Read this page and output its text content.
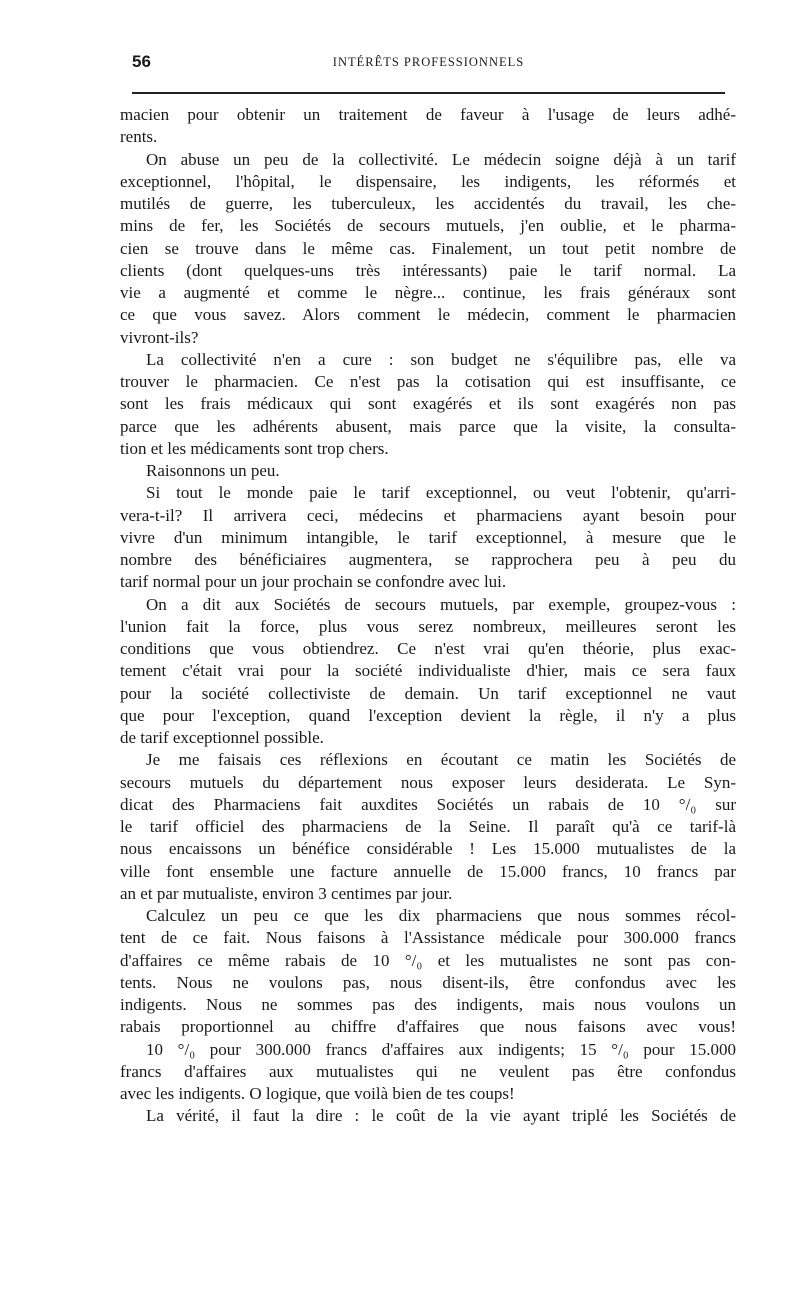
56	INTÉRÊTS PROFESSIONNELS
macien pour obtenir un traitement de faveur à l'usage de leurs adhé-
rents.
On abuse un peu de la collectivité. Le médecin soigne déjà à un tarif
exceptionnel, l'hôpital, le dispensaire, les indigents, les réformés et
mutilés de guerre, les tuberculeux, les accidentés du travail, les che-
mins de fer, les Sociétés de secours mutuels, j'en oublie, et le pharma-
cien se trouve dans le même cas. Finalement, un tout petit nombre de
clients (dont quelques-uns très intéressants) paie le tarif normal. La
vie a augmenté et comme le nègre... continue, les frais généraux sont
ce que vous savez. Alors comment le médecin, comment le pharmacien
vivront-ils?
La collectivité n'en a cure : son budget ne s'équilibre pas, elle va
trouver le pharmacien. Ce n'est pas la cotisation qui est insuffisante, ce
sont les frais médicaux qui sont exagérés et ils sont exagérés non pas
parce que les adhérents abusent, mais parce que la visite, la consulta-
tion et les médicaments sont trop chers.
Raisonnons un peu.
Si tout le monde paie le tarif exceptionnel, ou veut l'obtenir, qu'arri-
vera-t-il? Il arrivera ceci, médecins et pharmaciens ayant besoin pour
vivre d'un minimum intangible, le tarif exceptionnel, à mesure que le
nombre des bénéficiaires augmentera, se rapprochera peu à peu du
tarif normal pour un jour prochain se confondre avec lui.
On a dit aux Sociétés de secours mutuels, par exemple, groupez-vous :
l'union fait la force, plus vous serez nombreux, meilleures seront les
conditions que vous obtiendrez. Ce n'est vrai qu'en théorie, plus exac-
tement c'était vrai pour la société individualiste d'hier, mais ce sera faux
pour la société collectiviste de demain. Un tarif exceptionnel ne vaut
que pour l'exception, quand l'exception devient la règle, il n'y a plus
de tarif exceptionnel possible.
Je me faisais ces réflexions en écoutant ce matin les Sociétés de
secours mutuels du département nous exposer leurs desiderata. Le Syn-
dicat des Pharmaciens fait auxdites Sociétés un rabais de 10 °/₀ sur
le tarif officiel des pharmaciens de la Seine. Il paraît qu'à ce tarif-là
nous encaissons un bénéfice considérable ! Les 15.000 mutualistes de la
ville font ensemble une facture annuelle de 15.000 francs, 10 francs par
an et par mutualiste, environ 3 centimes par jour.
Calculez un peu ce que les dix pharmaciens que nous sommes récol-
tent de ce fait. Nous faisons à l'Assistance médicale pour 300.000 francs
d'affaires ce même rabais de 10 °/₀ et les mutualistes ne sont pas con-
tents. Nous ne voulons pas, nous disent-ils, être confondus avec les
indigents. Nous ne sommes pas des indigents, mais nous voulons un
rabais proportionnel au chiffre d'affaires que nous faisons avec vous!
10 °/₀ pour 300.000 francs d'affaires aux indigents; 15 °/₀ pour 15.000
francs d'affaires aux mutualistes qui ne veulent pas être confondus
avec les indigents. O logique, que voilà bien de tes coups!
La vérité, il faut la dire : le coût de la vie ayant triplé les Sociétés de
